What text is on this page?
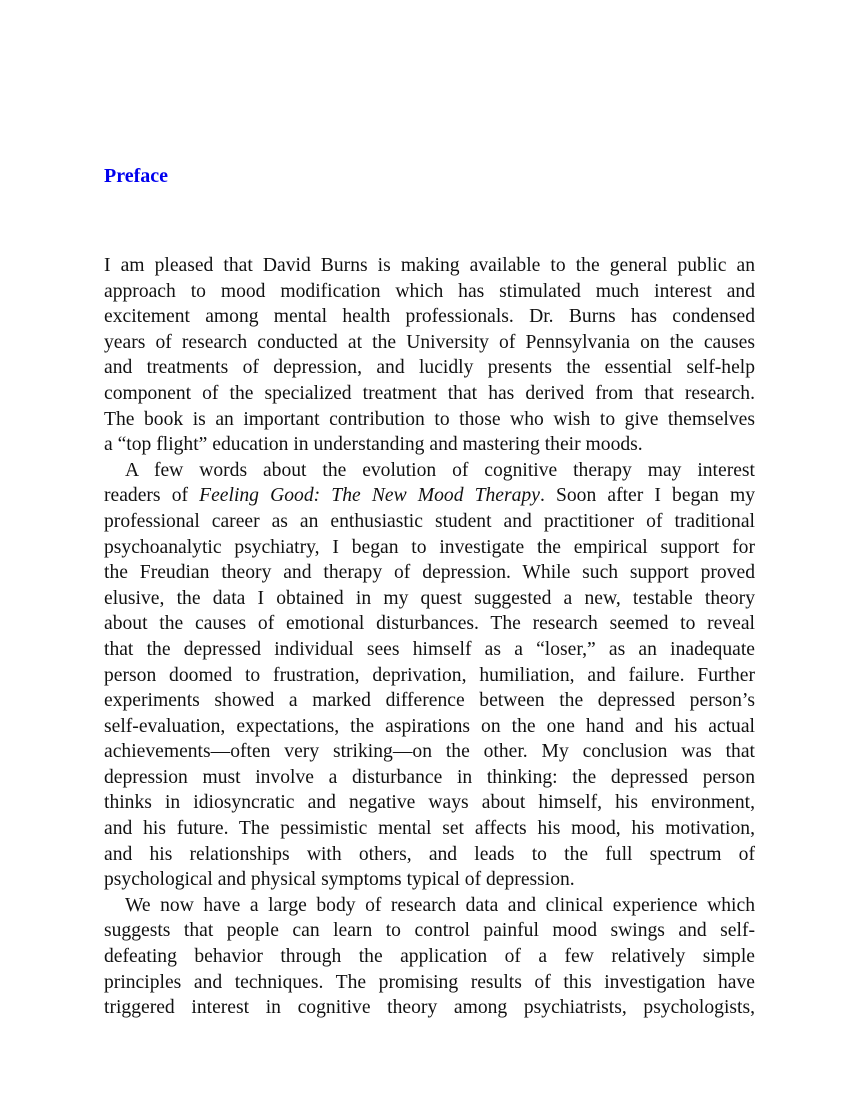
Preface
I am pleased that David Burns is making available to the general public an
approach to mood modification which has stimulated much interest and
excitement among mental health professionals. Dr. Burns has condensed
years of research conducted at the University of Pennsylvania on the causes
and treatments of depression, and lucidly presents the essential self-help
component of the specialized treatment that has derived from that research.
The book is an important contribution to those who wish to give themselves
a “top flight” education in understanding and mastering their moods.
A few words about the evolution of cognitive therapy may interest
readers of Feeling Good: The New Mood Therapy. Soon after I began my
professional career as an enthusiastic student and practitioner of traditional
psychoanalytic psychiatry, I began to investigate the empirical support for
the Freudian theory and therapy of depression. While such support proved
elusive, the data I obtained in my quest suggested a new, testable theory
about the causes of emotional disturbances. The research seemed to reveal
that the depressed individual sees himself as a “loser,” as an inadequate
person doomed to frustration, deprivation, humiliation, and failure. Further
experiments showed a marked difference between the depressed person’s
self-evaluation, expectations, the aspirations on the one hand and his actual
achievements—often very striking—on the other. My conclusion was that
depression must involve a disturbance in thinking: the depressed person
thinks in idiosyncratic and negative ways about himself, his environment,
and his future. The pessimistic mental set affects his mood, his motivation,
and his relationships with others, and leads to the full spectrum of
psychological and physical symptoms typical of depression.
We now have a large body of research data and clinical experience which
suggests that people can learn to control painful mood swings and self-
defeating behavior through the application of a few relatively simple
principles and techniques. The promising results of this investigation have
triggered interest in cognitive theory among psychiatrists, psychologists,
